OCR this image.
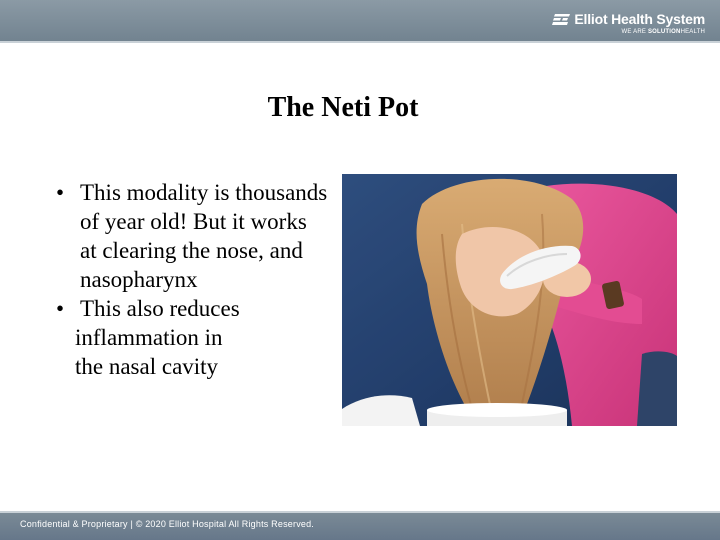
Elliot Health System
WE ARE SOLUTIONHEALTH
The Neti Pot
• This modality is thousands
of year old! But it works
at clearing the nose, and
nasopharynx
• This also reduces
inflammation in
the nasal cavity
Confidential & Proprietary | © 2020 Elliot Hospital All Rights Reserved.
